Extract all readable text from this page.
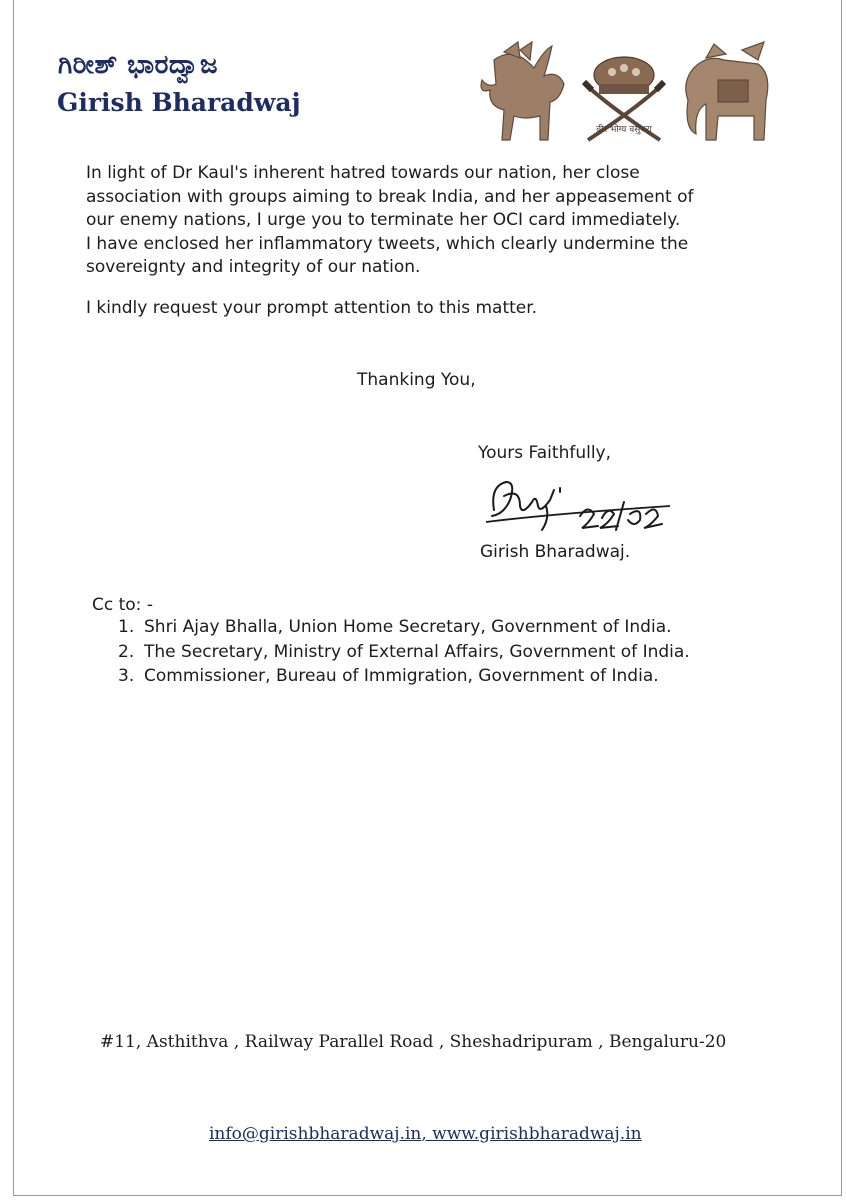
ಗಿರೀಶ್ ಭಾರದ್ವಾಜ
Girish Bharadwaj
वीर भोग्य वसुंधरा

In light of Dr Kaul's inherent hatred towards our nation, her close

association with groups aiming to break India, and her appeasement of

our enemy nations, I urge you to terminate her OCI card immediately.

I have enclosed her inflammatory tweets, which clearly undermine the

sovereignty and integrity of our nation.

I kindly request your prompt attention to this matter.
Thanking You,
Yours Faithfully,
Girish Bharadwaj.
Cc to: -
1. Shri Ajay Bhalla, Union Home Secretary, Government of India.
2. The Secretary, Ministry of External Affairs, Government of India.
3. Commissioner, Bureau of Immigration, Government of India.
#11, Asthithva , Railway Parallel Road , Sheshadripuram , Bengaluru-20
info@girishbharadwaj.in, www.girishbharadwaj.in
